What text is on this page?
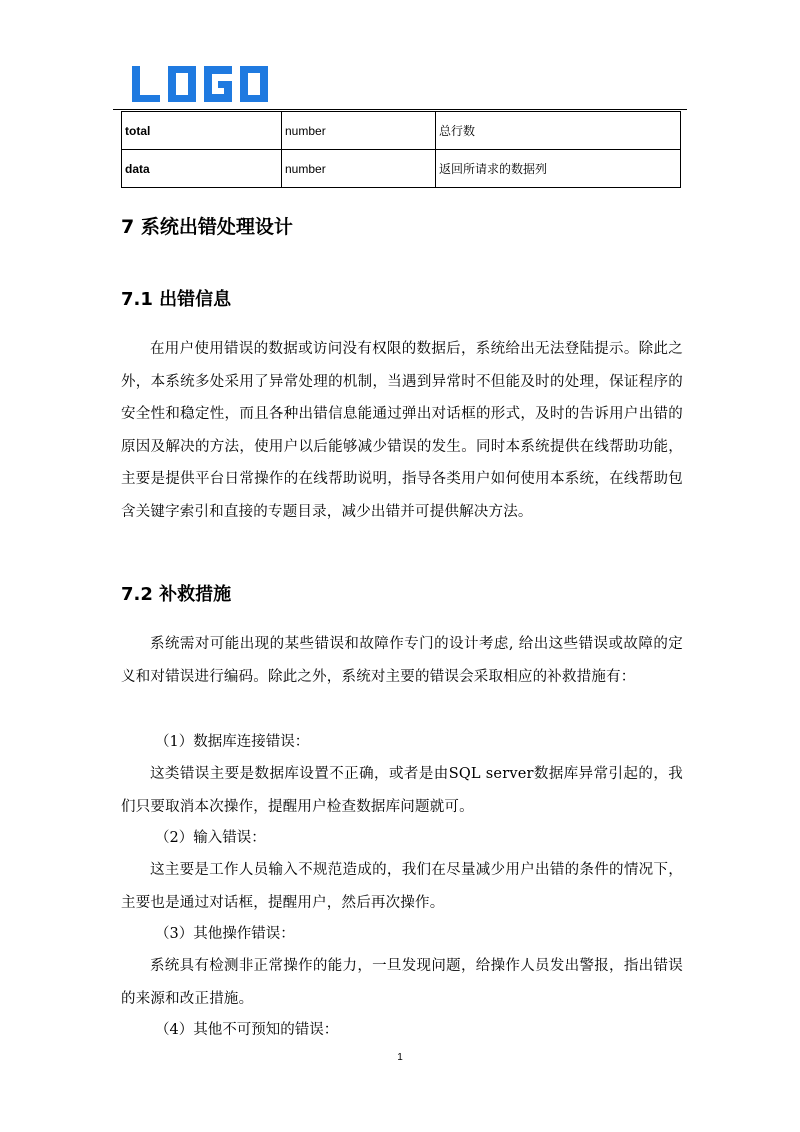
total	number	总行数
data	number	返回所请求的数据列
7 系统出错处理设计
7.1 出错信息

在用户使用错误的数据或访问没有权限的数据后，系统给出无法登陆提示。除此之外，本系统多处采用了异常处理的机制，当遇到异常时不但能及时的处理，保证程序的安全性和稳定性，而且各种出错信息能通过弹出对话框的形式，及时的告诉用户出错的原因及解决的方法，使用户以后能够减少错误的发生。同时本系统提供在线帮助功能，主要是提供平台日常操作的在线帮助说明，指导各类用户如何使用本系统，在线帮助包含关键字索引和直接的专题目录，减少出错并可提供解决方法。

7.2 补救措施

系统需对可能出现的某些错误和故障作专门的设计考虑, 给出这些错误或故障的定义和对错误进行编码。除此之外，系统对主要的错误会采取相应的补救措施有：

（1）数据库连接错误：

这类错误主要是数据库设置不正确，或者是由SQL server数据库异常引起的，我们只要取消本次操作，提醒用户检查数据库问题就可。

（2）输入错误：

这主要是工作人员输入不规范造成的，我们在尽量减少用户出错的条件的情况下，主要也是通过对话框，提醒用户，然后再次操作。

（3）其他操作错误：

系统具有检测非正常操作的能力，一旦发现问题，给操作人员发出警报，指出错误的来源和改正措施。

（4）其他不可预知的错误：

1
